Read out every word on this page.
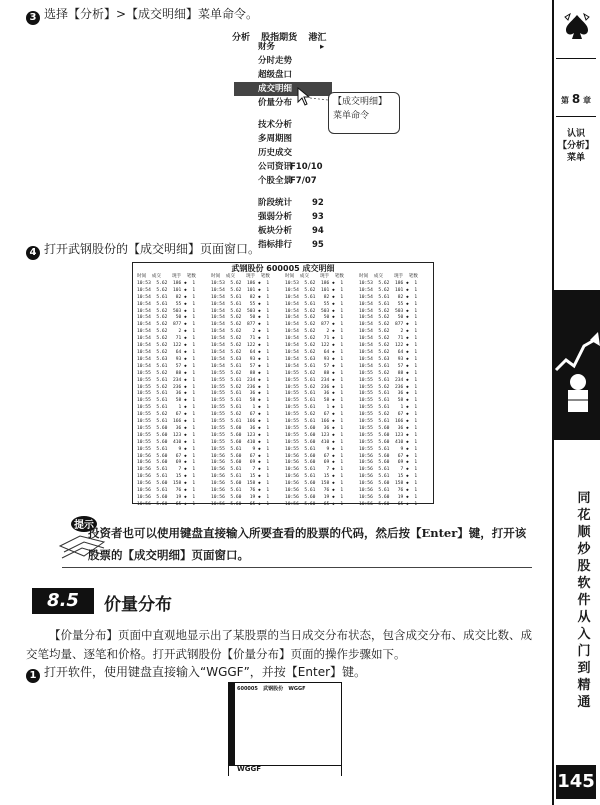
第 8 章
认识
【分析】
菜单
同花顺炒股软件从入门到精通
145
3 选择【分析】>【成交明细】菜单命令。
分析 股指期货 港汇
财务	▸
分时走势
超级盘口
成交明细
价量分布
技术分析
多周期图
历史成交
公司资讯
F10/10
个股全景
F7/07
阶段统计 92
强弱分析 93
板块分析 94
指标排行 95
【成交明细】
菜单命令
4 打开武钢股份的【成交明细】页面窗口。
武钢股份 600005 成交明细
时间  成交    现手  笔数
10:53  5.62  186 ◆  1
10:54  5.62  101 ◆  1
10:54  5.61   82 ◆  1
10:54  5.61   55 ◆  1
10:54  5.62  503 ◆  1
10:54  5.62   50 ◆  1
10:54  5.62  877 ◆  1
10:54  5.62    2 ◆  1
10:54  5.62   71 ◆  1
10:54  5.62  122 ◆  1
10:54  5.62   64 ◆  1
10:54  5.63   93 ◆  1
10:54  5.61   57 ◆  1
10:55  5.62   88 ◆  1
10:55  5.61  234 ◆  1
10:55  5.62  236 ◆  1
10:55  5.61   36 ◆  1
10:55  5.61   58 ◆  1
10:55  5.61    1 ◆  1
10:55  5.62   67 ◆  1
10:55  5.61  166 ◆  1
10:55  5.60   36 ◆  1
10:55  5.60  123 ◆  1
10:55  5.60  410 ◆  1
10:55  5.61    9 ◆  1
10:56  5.60   67 ◆  1
10:56  5.60   69 ◆  1
10:56  5.61    7 ◆  1
10:56  5.61   15 ◆  1
10:56  5.60  158 ◆  1
10:56  5.61   76 ◆  1
10:56  5.60   19 ◆  1
10:56  5.60   65 ◆  1
时间  成交    现手  笔数
10:53  5.62  186 ◆  1
10:54  5.62  101 ◆  1
10:54  5.61   82 ◆  1
10:54  5.61   55 ◆  1
10:54  5.62  503 ◆  1
10:54  5.62   50 ◆  1
10:54  5.62  877 ◆  1
10:54  5.62    2 ◆  1
10:54  5.62   71 ◆  1
10:54  5.62  122 ◆  1
10:54  5.62   64 ◆  1
10:54  5.63   93 ◆  1
10:54  5.61   57 ◆  1
10:55  5.62   88 ◆  1
10:55  5.61  234 ◆  1
10:55  5.62  236 ◆  1
10:55  5.61   36 ◆  1
10:55  5.61   58 ◆  1
10:55  5.61    1 ◆  1
10:55  5.62   67 ◆  1
10:55  5.61  166 ◆  1
10:55  5.60   36 ◆  1
10:55  5.60  123 ◆  1
10:55  5.60  410 ◆  1
10:55  5.61    9 ◆  1
10:56  5.60   67 ◆  1
10:56  5.60   69 ◆  1
10:56  5.61    7 ◆  1
10:56  5.61   15 ◆  1
10:56  5.60  158 ◆  1
10:56  5.61   76 ◆  1
10:56  5.60   19 ◆  1
10:56  5.60   65 ◆  1
时间  成交    现手  笔数
10:53  5.62  186 ◆  1
10:54  5.62  101 ◆  1
10:54  5.61   82 ◆  1
10:54  5.61   55 ◆  1
10:54  5.62  503 ◆  1
10:54  5.62   50 ◆  1
10:54  5.62  877 ◆  1
10:54  5.62    2 ◆  1
10:54  5.62   71 ◆  1
10:54  5.62  122 ◆  1
10:54  5.62   64 ◆  1
10:54  5.63   93 ◆  1
10:54  5.61   57 ◆  1
10:55  5.62   88 ◆  1
10:55  5.61  234 ◆  1
10:55  5.62  236 ◆  1
10:55  5.61   36 ◆  1
10:55  5.61   58 ◆  1
10:55  5.61    1 ◆  1
10:55  5.62   67 ◆  1
10:55  5.61  166 ◆  1
10:55  5.60   36 ◆  1
10:55  5.60  123 ◆  1
10:55  5.60  410 ◆  1
10:55  5.61    9 ◆  1
10:56  5.60   67 ◆  1
10:56  5.60   69 ◆  1
10:56  5.61    7 ◆  1
10:56  5.61   15 ◆  1
10:56  5.60  158 ◆  1
10:56  5.61   76 ◆  1
10:56  5.60   19 ◆  1
10:56  5.60   65 ◆  1
时间  成交    现手  笔数
10:53  5.62  186 ◆  1
10:54  5.62  101 ◆  1
10:54  5.61   82 ◆  1
10:54  5.61   55 ◆  1
10:54  5.62  503 ◆  1
10:54  5.62   50 ◆  1
10:54  5.62  877 ◆  1
10:54  5.62    2 ◆  1
10:54  5.62   71 ◆  1
10:54  5.62  122 ◆  1
10:54  5.62   64 ◆  1
10:54  5.63   93 ◆  1
10:54  5.61   57 ◆  1
10:55  5.62   88 ◆  1
10:55  5.61  234 ◆  1
10:55  5.62  236 ◆  1
10:55  5.61   36 ◆  1
10:55  5.61   58 ◆  1
10:55  5.61    1 ◆  1
10:55  5.62   67 ◆  1
10:55  5.61  166 ◆  1
10:55  5.60   36 ◆  1
10:55  5.60  123 ◆  1
10:55  5.60  410 ◆  1
10:55  5.61    9 ◆  1
10:56  5.60   67 ◆  1
10:56  5.60   69 ◆  1
10:56  5.61    7 ◆  1
10:56  5.61   15 ◆  1
10:56  5.60  158 ◆  1
10:56  5.61   76 ◆  1
10:56  5.60   19 ◆  1
10:56  5.60   65 ◆  1
提示
投资者也可以使用键盘直接输入所要查看的股票的代码，然后按【Enter】键，打开该股票的【成交明细】页面窗口。
8.5	价量分布
【价量分布】页面中直观地显示出了某股票的当日成交分布状态，包含成交分布、成交比数、成交笔均量、逐笔和价格。打开武钢股份【价量分布】页面的操作步骤如下。
1 打开软件，使用键盘直接输入“WGGF”，并按【Enter】键。
600005 武钢股份 WGGF
WGGF
